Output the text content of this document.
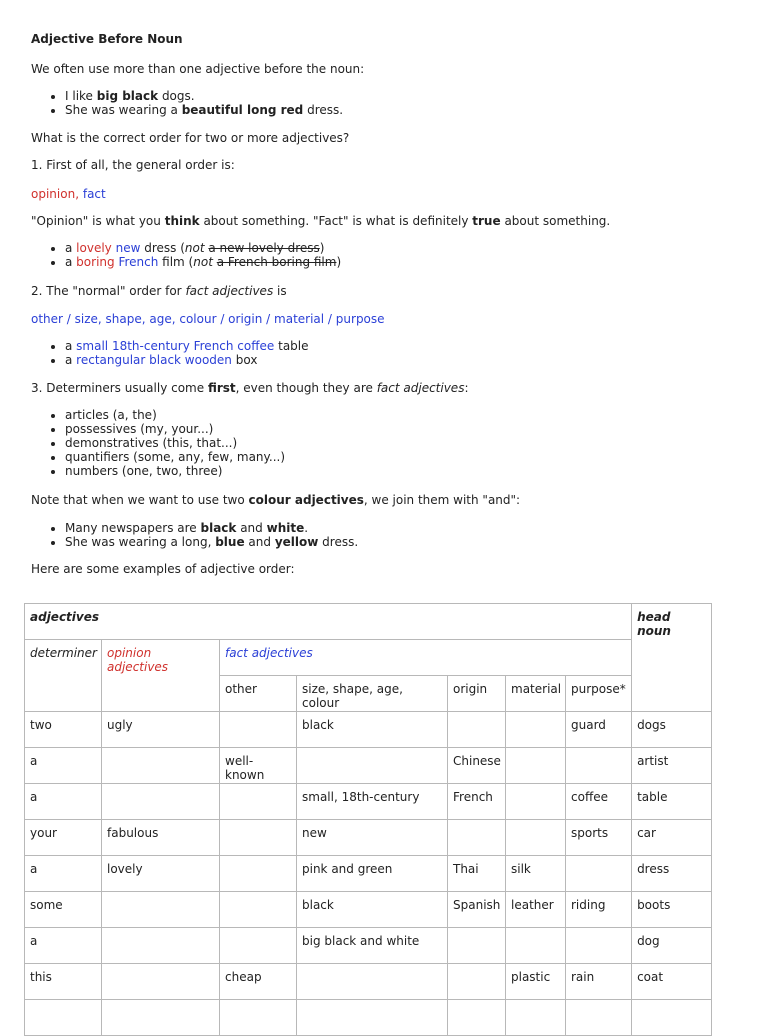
Adjective Before Noun

We often use more than one adjective before the noun:

• I like big black dogs.
• She was wearing a beautiful long red dress.

What is the correct order for two or more adjectives?

1. First of all, the general order is:

opinion, fact

"Opinion" is what you think about something. "Fact" is what is definitely true about something.

• a lovely new dress (not a new lovely dress)
• a boring French film (not a French boring film)

2. The "normal" order for fact adjectives is

other / size, shape, age, colour / origin / material / purpose

• a small 18th-century French coffee table
• a rectangular black wooden box

3. Determiners usually come first, even though they are fact adjectives:

• articles (a, the)
• possessives (my, your...)
• demonstratives (this, that...)
• quantifiers (some, any, few, many...)
• numbers (one, two, three)

Note that when we want to use two colour adjectives, we join them with "and":

• Many newspapers are black and white.
• She was wearing a long, blue and yellow dress.

Here are some examples of adjective order:

adjectives							head noun
determiner	opinion adjectives	fact adjectives					
		other	size, shape, age, colour	origin	material	purpose*	
two	ugly		black			guard	dogs
a		well-known		Chinese			artist
a			small, 18th-century	French		coffee	table
your	fabulous		new			sports	car
a	lovely		pink and green	Thai	silk		dress
some			black	Spanish	leather	riding	boots
a			big black and white				dog
this		cheap			plastic	rain	coat
